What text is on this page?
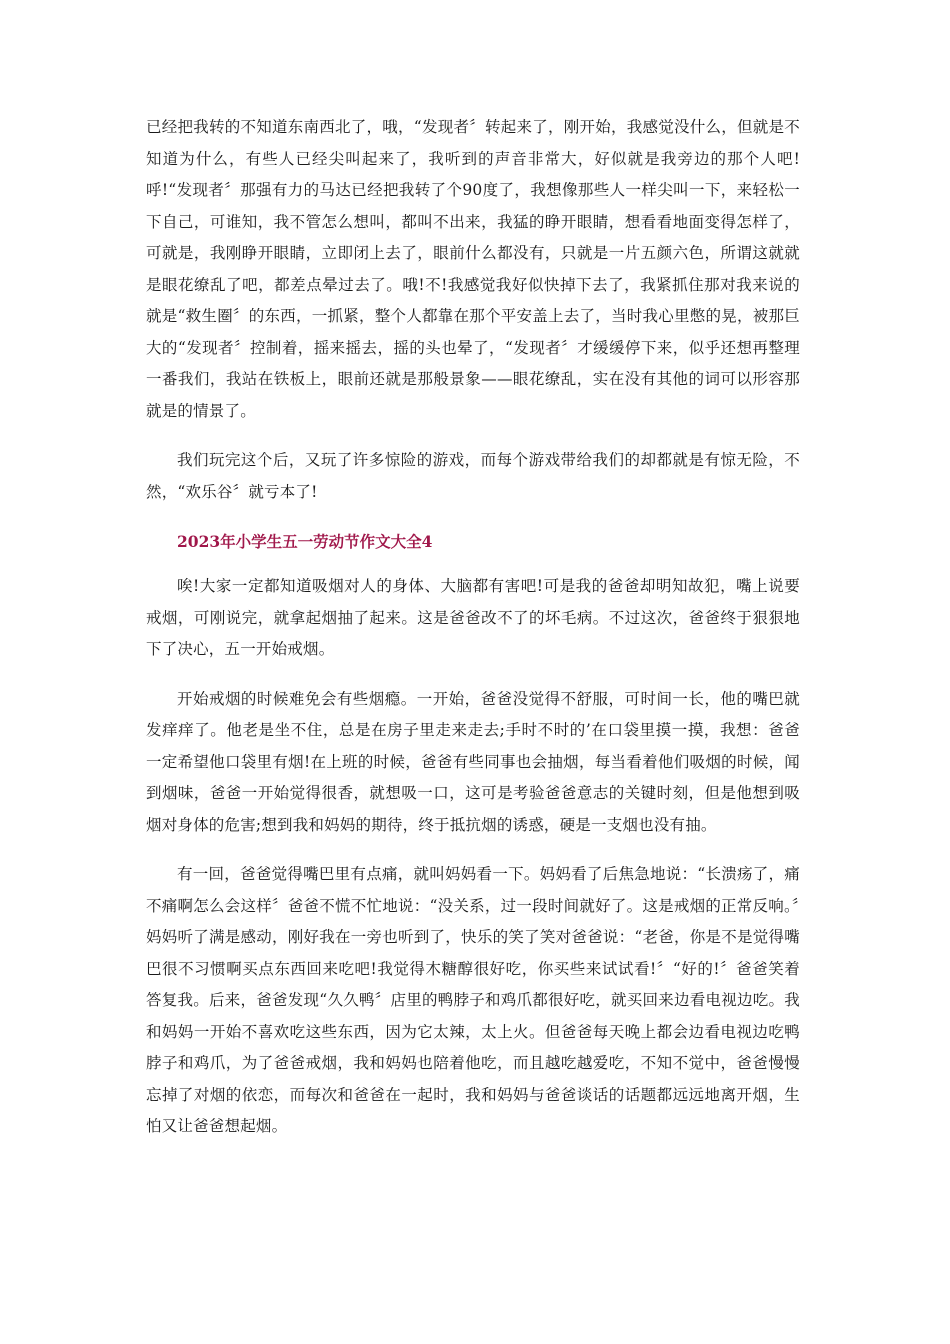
已经把我转的不知道东南西北了，哦，“发现者〞转起来了，刚开始，我感觉没什么，但就是不知道为什么，有些人已经尖叫起来了，我听到的声音非常大，好似就是我旁边的那个人吧!呼!“发现者〞那强有力的马达已经把我转了个90度了，我想像那些人一样尖叫一下，来轻松一下自己，可谁知，我不管怎么想叫，都叫不出来，我猛的睁开眼睛，想看看地面变得怎样了，可就是，我刚睁开眼睛，立即闭上去了，眼前什么都没有，只就是一片五颜六色，所谓这就就是眼花缭乱了吧，都差点晕过去了。哦!不!我感觉我好似快掉下去了，我紧抓住那对我来说的就是“救生圈〞的东西，一抓紧，整个人都靠在那个平安盖上去了，当时我心里憋的晃，被那巨大的“发现者〞控制着，摇来摇去，摇的头也晕了，“发现者〞才缓缓停下来，似乎还想再整理一番我们，我站在铁板上，眼前还就是那般景象——眼花缭乱，实在没有其他的词可以形容那就是的情景了。

我们玩完这个后，又玩了许多惊险的游戏，而每个游戏带给我们的却都就是有惊无险，不然，“欢乐谷〞就亏本了!

2023年小学生五一劳动节作文大全4

唉!大家一定都知道吸烟对人的身体、大脑都有害吧!可是我的爸爸却明知故犯，嘴上说要戒烟，可刚说完，就拿起烟抽了起来。这是爸爸改不了的坏毛病。不过这次，爸爸终于狠狠地下了决心，五一开始戒烟。

开始戒烟的时候难免会有些烟瘾。一开始，爸爸没觉得不舒服，可时间一长，他的嘴巴就发痒痒了。他老是坐不住，总是在房子里走来走去;手时不时的’在口袋里摸一摸，我想：爸爸一定希望他口袋里有烟!在上班的时候，爸爸有些同事也会抽烟，每当看着他们吸烟的时候，闻到烟味，爸爸一开始觉得很香，就想吸一口，这可是考验爸爸意志的关键时刻，但是他想到吸烟对身体的危害;想到我和妈妈的期待，终于抵抗烟的诱惑，硬是一支烟也没有抽。

有一回，爸爸觉得嘴巴里有点痛，就叫妈妈看一下。妈妈看了后焦急地说：“长溃疡了，痛不痛啊怎么会这样〞爸爸不慌不忙地说：“没关系，过一段时间就好了。这是戒烟的正常反响。〞妈妈听了满是感动，刚好我在一旁也听到了，快乐的笑了笑对爸爸说：“老爸，你是不是觉得嘴巴很不习惯啊买点东西回来吃吧!我觉得木糖醇很好吃，你买些来试试看!〞“好的!〞爸爸笑着答复我。后来，爸爸发现“久久鸭〞店里的鸭脖子和鸡爪都很好吃，就买回来边看电视边吃。我和妈妈一开始不喜欢吃这些东西，因为它太辣，太上火。但爸爸每天晚上都会边看电视边吃鸭脖子和鸡爪，为了爸爸戒烟，我和妈妈也陪着他吃，而且越吃越爱吃，不知不觉中，爸爸慢慢忘掉了对烟的依恋，而每次和爸爸在一起时，我和妈妈与爸爸谈话的话题都远远地离开烟，生怕又让爸爸想起烟。
